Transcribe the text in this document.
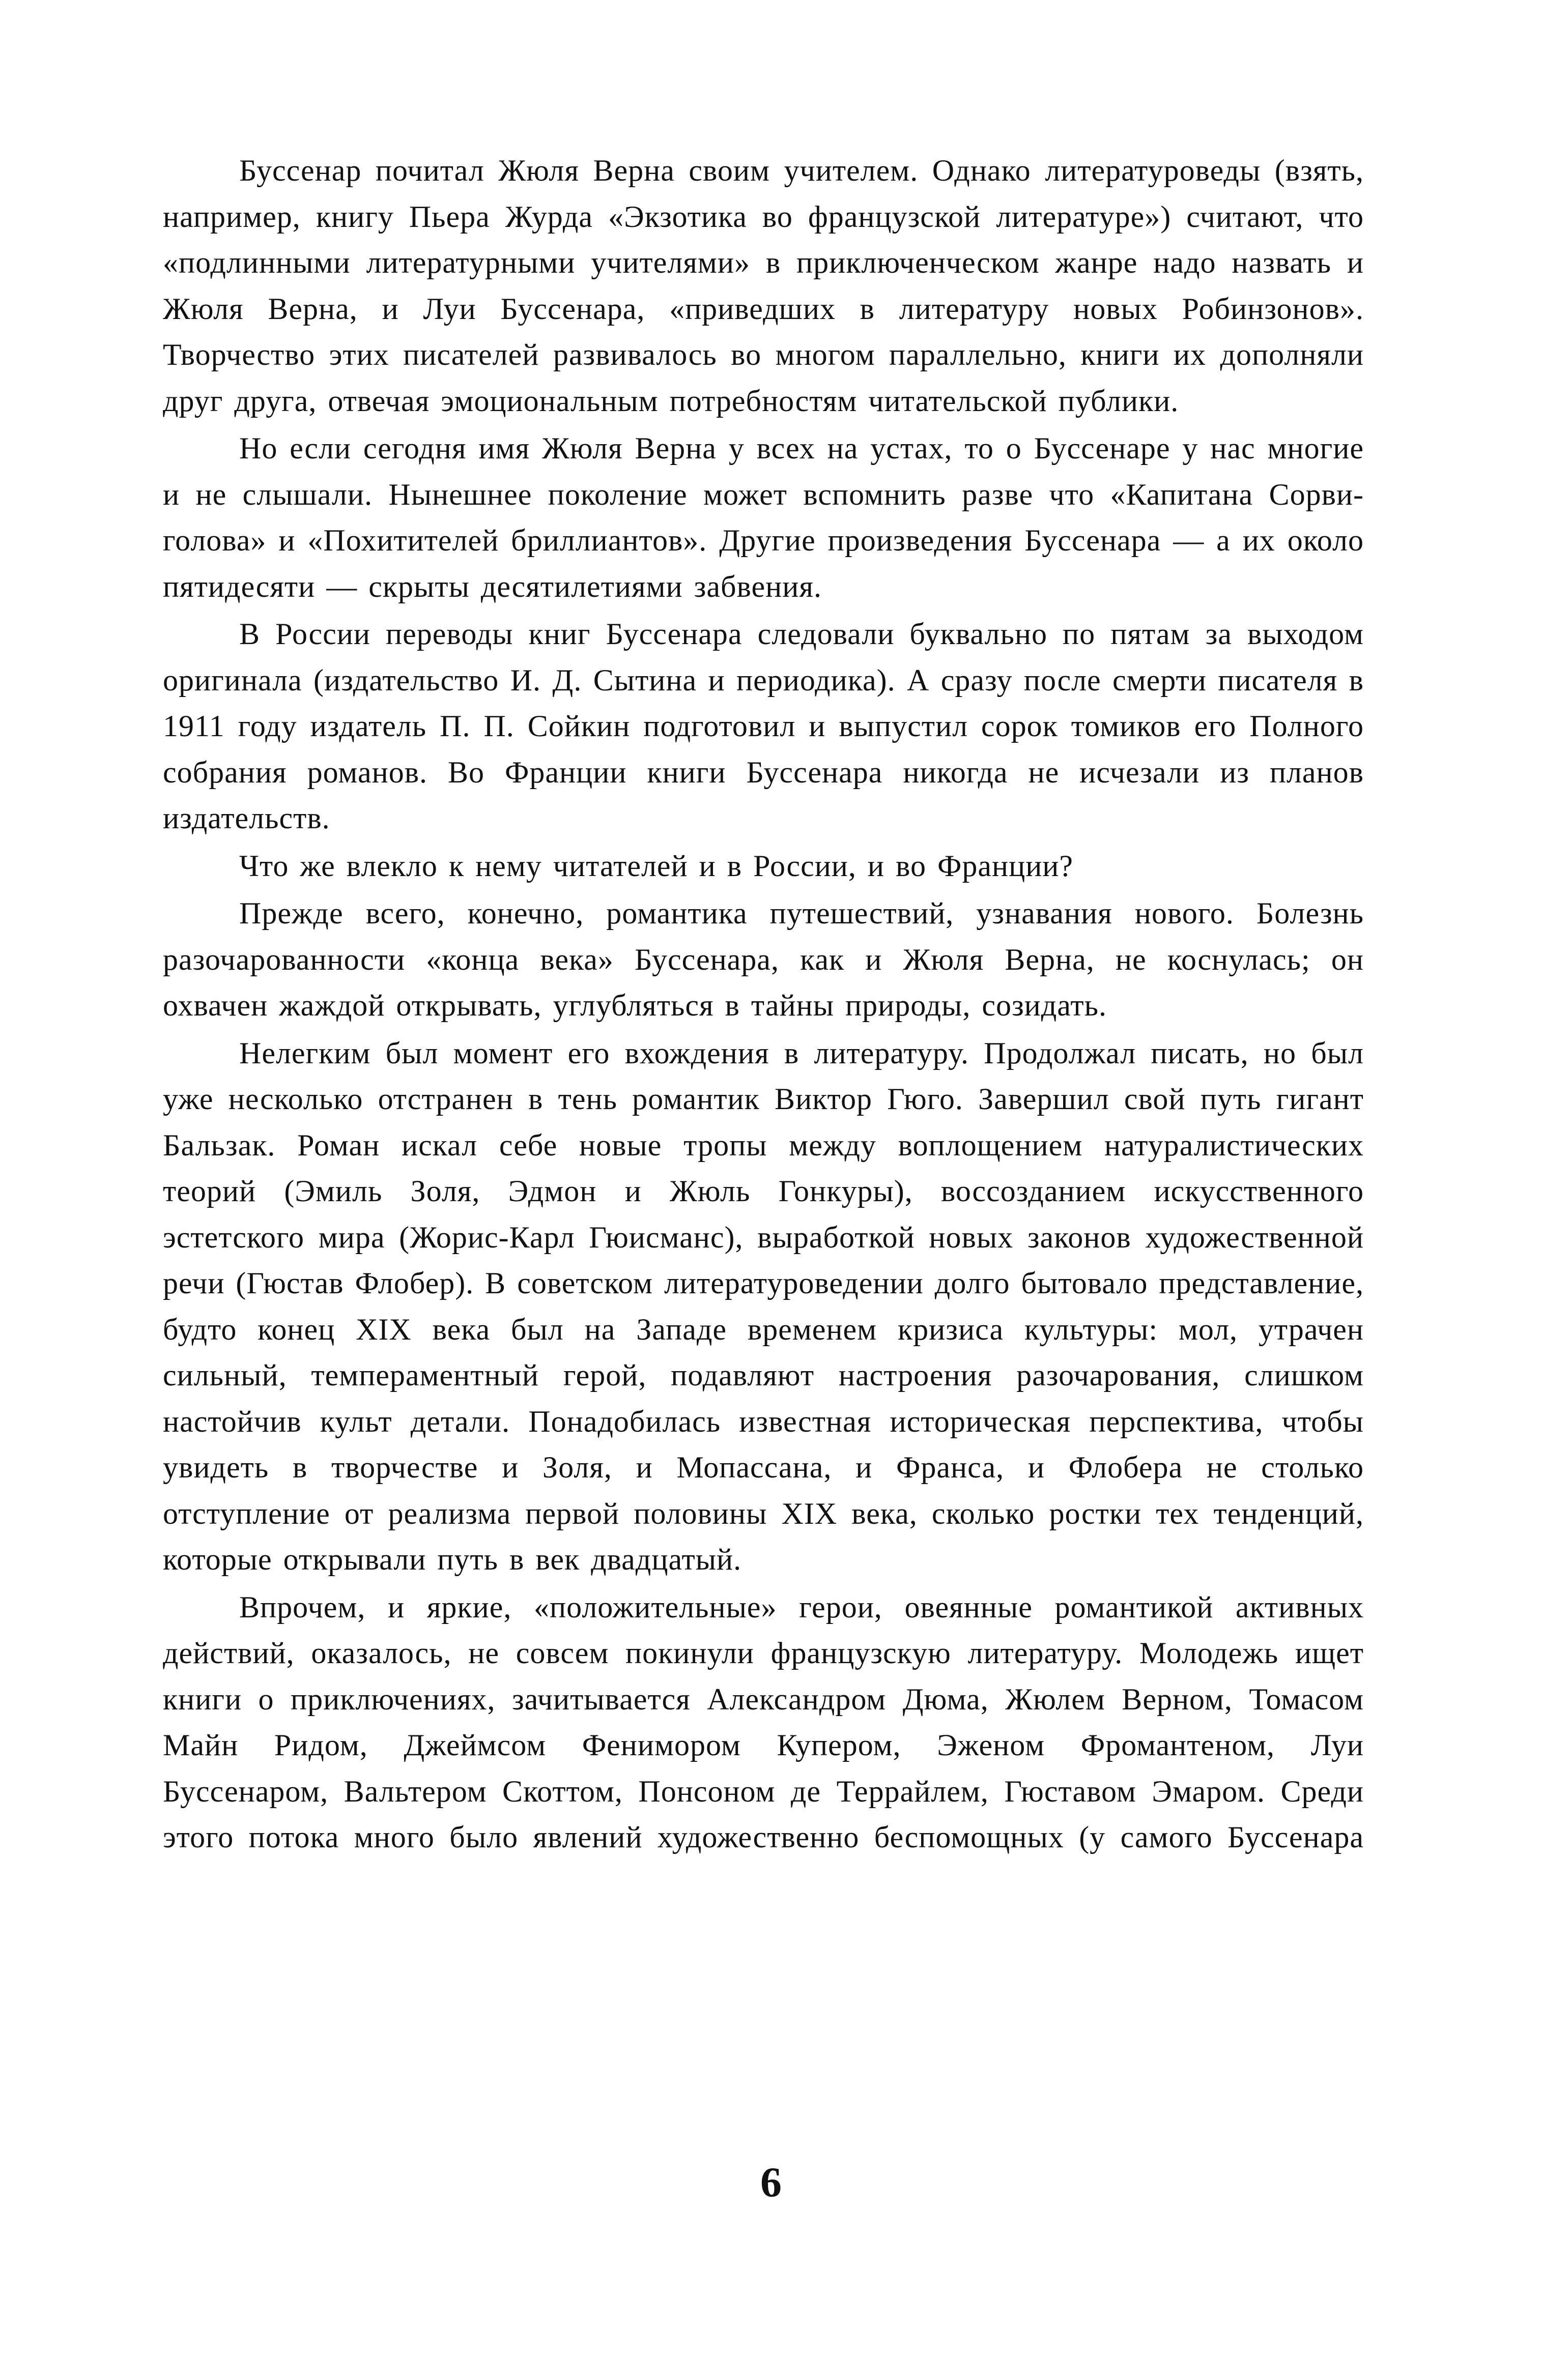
Буссенар почитал Жюля Верна своим учителем. Однако литературоведы (взять, например, книгу Пьера Журда «Экзотика во французской литературе») считают, что «подлинными литературными учителями» в приключенческом жанре надо назвать и Жюля Верна, и Луи Буссенара, «приведших в литературу новых Робинзонов». Творчество этих писателей развивалось во многом параллельно, книги их дополняли друг друга, отвечая эмоциональным потребностям читательской публики.

Но если сегодня имя Жюля Верна у всех на устах, то о Буссенаре у нас многие и не слышали. Нынешнее поколение может вспомнить разве что «Капитана Сорви-голова» и «Похитителей бриллиантов». Другие произведения Буссенара — а их около пятидесяти — скрыты десятилетиями забвения.

В России переводы книг Буссенара следовали буквально по пятам за выходом оригинала (издательство И. Д. Сытина и периодика). А сразу после смерти писателя в 1911 году издатель П. П. Сойкин подготовил и выпустил сорок томиков его Полного собрания романов. Во Франции книги Буссенара никогда не исчезали из планов издательств.

Что же влекло к нему читателей и в России, и во Франции?

Прежде всего, конечно, романтика путешествий, узнавания нового. Болезнь разочарованности «конца века» Буссенара, как и Жюля Верна, не коснулась; он охвачен жаждой открывать, углубляться в тайны природы, созидать.

Нелегким был момент его вхождения в литературу. Продолжал писать, но был уже несколько отстранен в тень романтик Виктор Гюго. Завершил свой путь гигант Бальзак. Роман искал себе новые тропы между воплощением натуралистических теорий (Эмиль Золя, Эдмон и Жюль Гонкуры), воссозданием искусственного эстетского мира (Жорис-Карл Гюисманс), выработкой новых законов художественной речи (Гюстав Флобер). В советском литературоведении долго бытовало представление, будто конец XIX века был на Западе временем кризиса культуры: мол, утрачен сильный, темпераментный герой, подавляют настроения разочарования, слишком настойчив культ детали. Понадобилась известная историческая перспектива, чтобы увидеть в творчестве и Золя, и Мопассана, и Франса, и Флобера не столько отступление от реализма первой половины XIX века, сколько ростки тех тенденций, которые открывали путь в век двадцатый.

Впрочем, и яркие, «положительные» герои, овеянные романтикой активных действий, оказалось, не совсем покинули французскую литературу. Молодежь ищет книги о приключениях, зачитывается Александром Дюма, Жюлем Верном, Томасом Майн Ридом, Джеймсом Фенимором Купером, Эженом Фромантеном, Луи Буссенаром, Вальтером Скоттом, Понсоном де Террайлем, Гюставом Эмаром. Среди этого потока много было явлений художественно беспомощных (у самого Буссенара

6
